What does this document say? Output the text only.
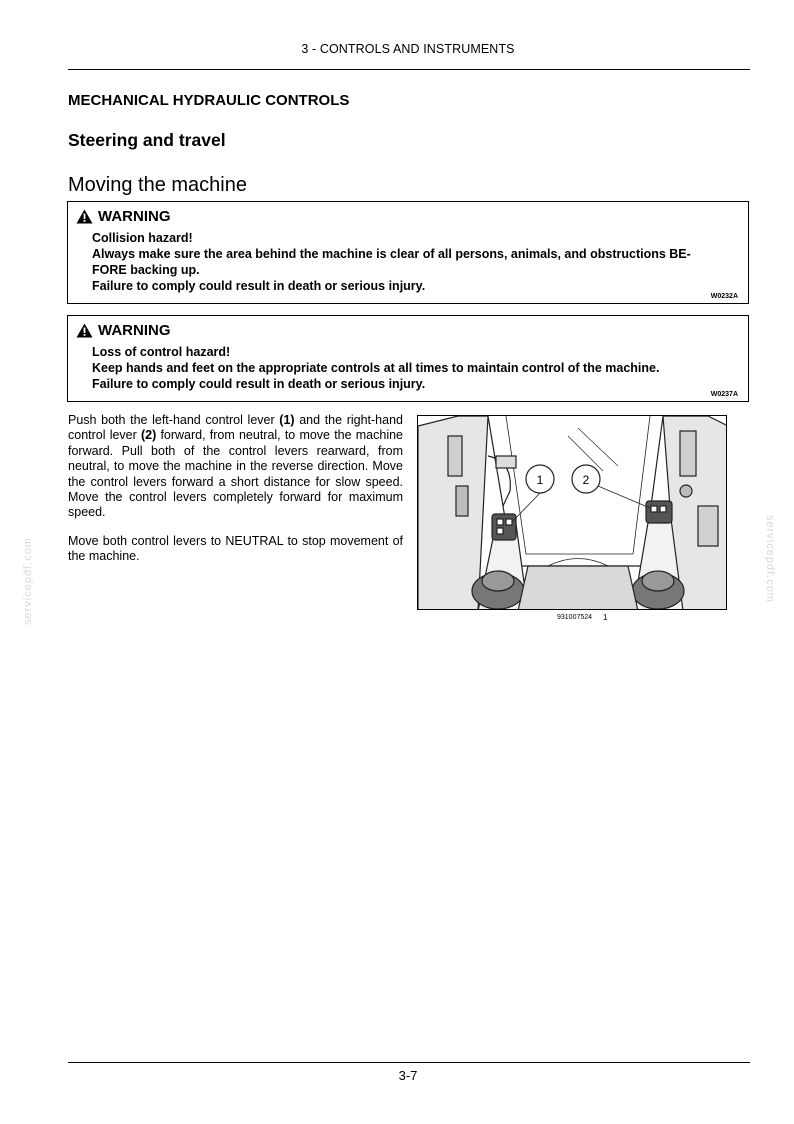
3 - CONTROLS AND INSTRUMENTS
MECHANICAL HYDRAULIC CONTROLS
Steering and travel
Moving the machine
WARNING
Collision hazard!
Always make sure the area behind the machine is clear of all persons, animals, and obstructions BE-
FORE backing up.
Failure to comply could result in death or serious injury.
W0232A
WARNING
Loss of control hazard!
Keep hands and feet on the appropriate controls at all times to maintain control of the machine.
Failure to comply could result in death or serious injury.
W0237A
Push both the left-hand control lever (1) and the right-hand control lever (2) forward, from neutral, to move the machine forward. Pull both of the control levers rearward, from neutral, to move the machine in the reverse direction. Move the control levers forward a short distance for slow speed. Move the control levers completely forward for maximum speed.
Move both control levers to NEUTRAL to stop movement of the machine.
1	2
931007524 1
servicepdf.com	servicepdf.com
3-7
